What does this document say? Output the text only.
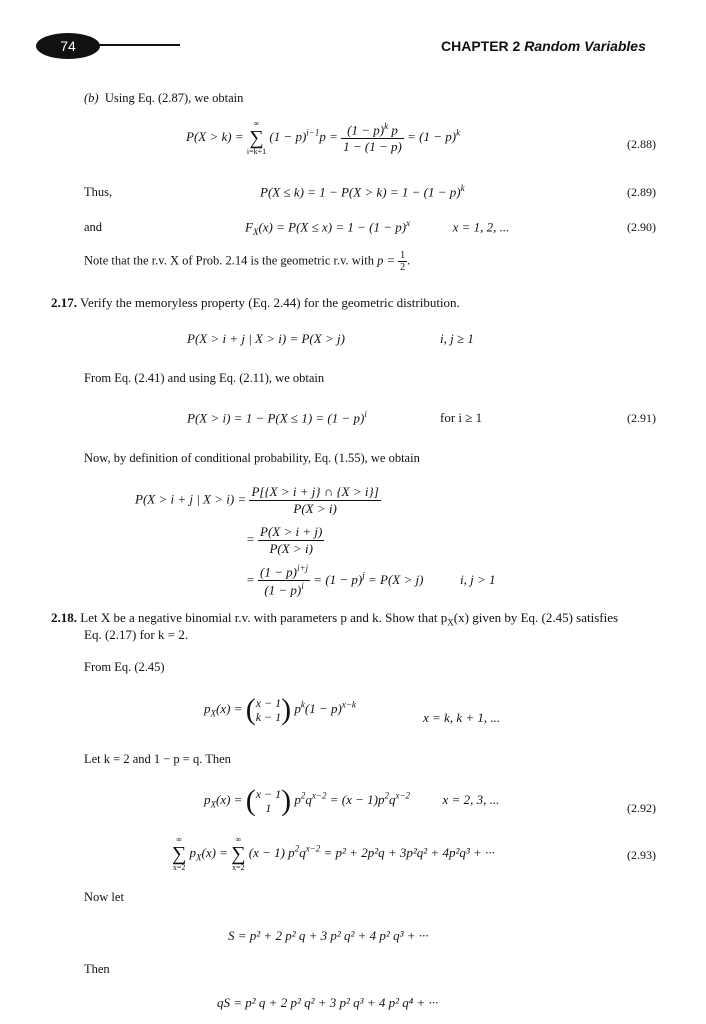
74	CHAPTER 2 Random Variables
(b) Using Eq. (2.87), we obtain
P(X > k) =
∞
∑
i=k+1
$(1 - p)^{i-1}p = \frac{(1 - p)^k p}{1 - (1 - p)} = (1 - p)^k$
(2.88)
Thus,	$P(X \le k) = 1 - P(X > k) = 1 - (1 - p)^k$	(2.89)
and	$F_X(x) = P(X \le x) = 1 - (1 - p)^x$	x = 1, 2, ...	(2.90)
Note that the r.v. X of Prob. 2.14 is the geometric r.v. with $p = \frac{1}{2}$ .
2.17. Verify the memoryless property (Eq. 2.44) for the geometric distribution.
P(X > i + j | X > i) = P(X > j)	i, j ≥ 1
From Eq. (2.41) and using Eq. (2.11), we obtain
$P(X > i) = 1 - P(X \le 1) = (1 - p)^i$	for i ≥ 1	(2.91)
Now, by definition of conditional probability, Eq. (1.55), we obtain
P(X > i + j | $X > i) = \frac{P[\{X > i + j\} \cap \{X > i\}]}{P(X > i)}$
= $\frac{P(X > i + j)}{P(X > i)}$
= $\frac{(1 - p)^{i+j}}{(1 - p)^i} = (1 - p)^j = P(X > j)$	i, j > 1
2.18. Let X be a negative binomial r.v. with parameters p and k. Show that $p_X(x)$ given by Eq. (2.45) satisfies
Eq. (2.17) for k = 2.
From Eq. (2.45)
$p_X(x) = (x - 1$
k − 1) $p^k(1 - p)^{x-k}$
x = k, k + 1, ...
Let k = 2 and 1 − p = q. Then
$p_X(x) = (x - 1$
1 ) $p^2q^{x-2} = (x - 1)p^2q^{x-2}$	x = 2, 3, ...
(2.92)
∞
∑
x=2
$p_X(x)$ =
∞
∑
x=2
(x − 1) $p^2q^{x-2} = p^2 + 2p^2q + 3p^2q^2 + 4p^2q^3$ + ···	(2.93)
Now let
S = p² + 2 p² q + 3 p² q² + 4 p² q³ + ···
Then
qS = p² q + 2 p² q² + 3 p² q³ + 4 p² q⁴ + ···
